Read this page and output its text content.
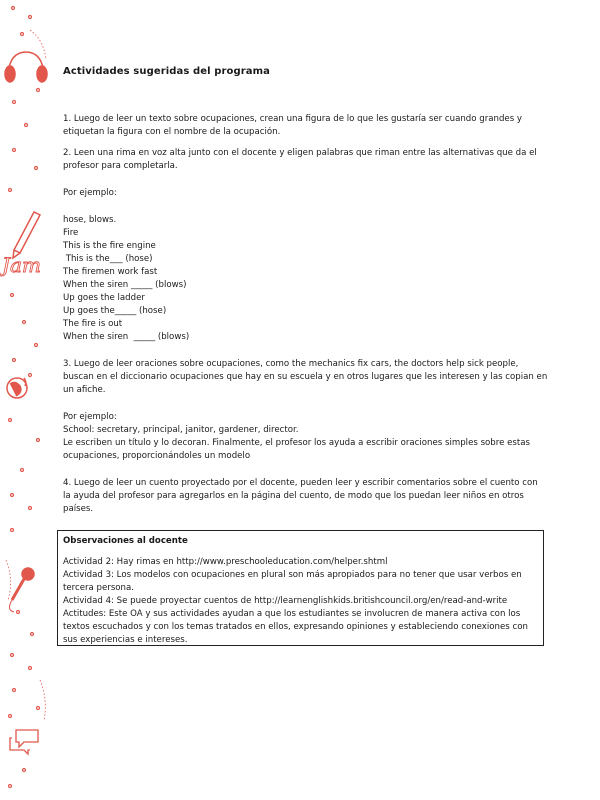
Jam
Actividades sugeridas del programa

1. Luego de leer un texto sobre ocupaciones, crean una figura de lo que les gustaría ser cuando grandes y etiquetan la figura con el nombre de la ocupación.

2. Leen una rima en voz alta junto con el docente y eligen palabras que riman entre las alternativas que da el profesor para completarla.

Por ejemplo:

hose, blows.
Fire
This is the fire engine
This is the___ (hose)
The firemen work fast
When the siren _____ (blows)
Up goes the ladder
Up goes the_____ (hose)
The fire is out
When the siren  _____ (blows)

3. Luego de leer oraciones sobre ocupaciones, como the mechanics fix cars, the doctors help sick people, buscan en el diccionario ocupaciones que hay en su escuela y en otros lugares que les interesen y las copian en un afiche.

Por ejemplo:
School: secretary, principal, janitor, gardener, director.

Le escriben un título y lo decoran. Finalmente, el profesor los ayuda a escribir oraciones simples sobre estas ocupaciones, proporcionándoles un modelo

4. Luego de leer un cuento proyectado por el docente, pueden leer y escribir comentarios sobre el cuento con la ayuda del profesor para agregarlos en la página del cuento, de modo que los puedan leer niños en otros países.

Observaciones al docente
Actividad 2: Hay rimas en http://www.preschooleducation.com/helper.shtml
Actividad 3: Los modelos con ocupaciones en plural son más apropiados para no tener que usar verbos en tercera persona.
Actividad 4: Se puede proyectar cuentos de http://learnenglishkids.britishcouncil.org/en/read-and-write Actitudes: Este OA y sus actividades ayudan a que los estudiantes se involucren de manera activa con los textos escuchados y con los temas tratados en ellos, expresando opiniones y estableciendo conexiones con sus experiencias e intereses.
